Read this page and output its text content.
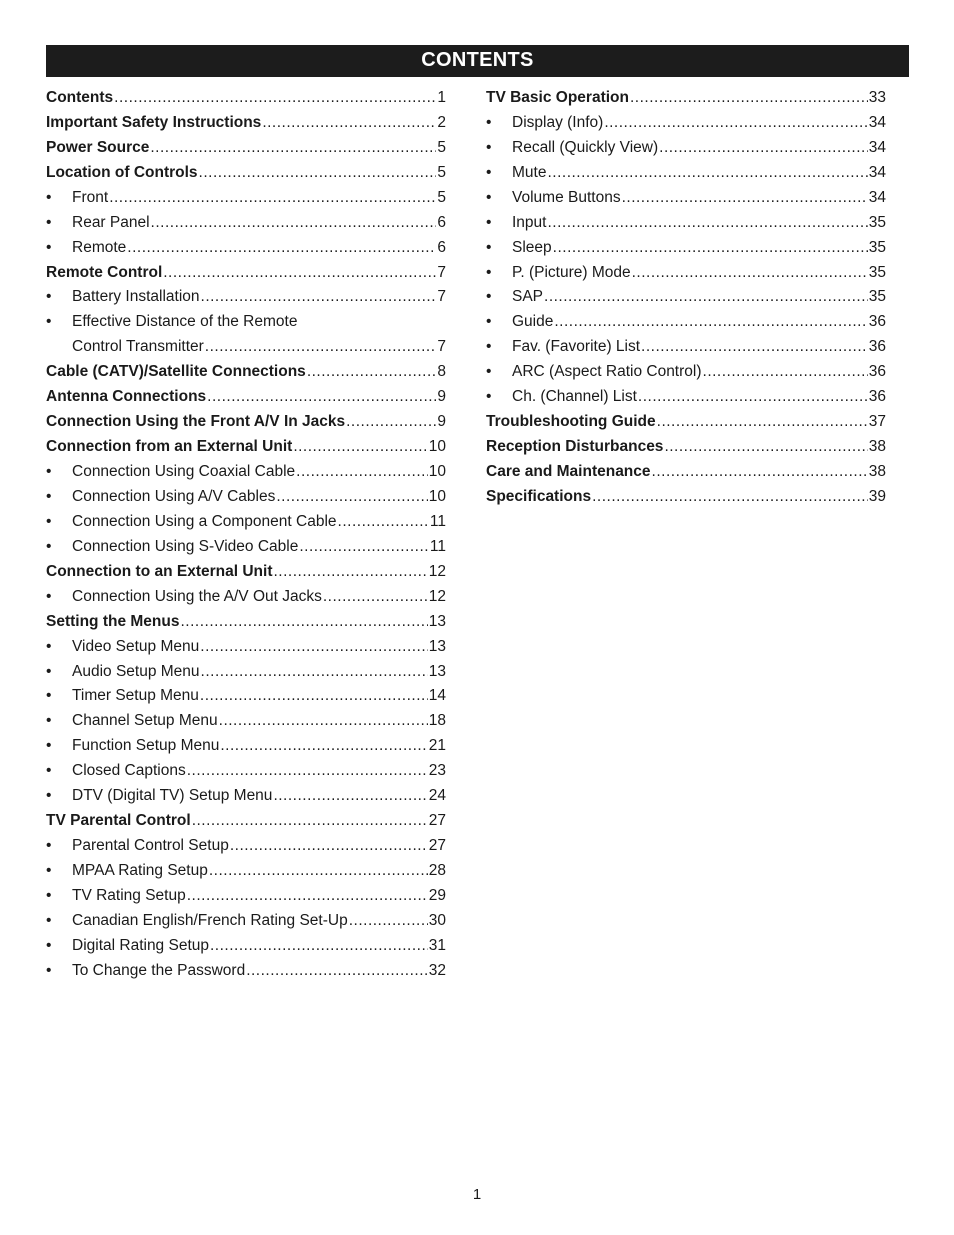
CONTENTS
Contents .....	1
Important Safety Instructions .....	2
Power Source .....	5
Location of Controls .....	5
•	Front .....	5
•	Rear Panel .....	6
•	Remote .....	6
Remote Control .....	7
•	Battery Installation .....	7
•	Effective Distance of the Remote
Control Transmitter .....	7
Cable (CATV)/Satellite Connections .....	8
Antenna Connections .....	9
Connection Using the Front A/V In Jacks .....	9
Connection from an External Unit .....	10
•	Connection Using Coaxial Cable .....	10
•	Connection Using A/V Cables .....	10
•	Connection Using a Component Cable .....	11
•	Connection Using S-Video Cable .....	11
Connection to an External Unit .....	12
•	Connection Using the A/V Out Jacks .....	12
Setting the Menus .....	13
•	Video Setup Menu .....	13
•	Audio Setup Menu .....	13
•	Timer Setup Menu .....	14
•	Channel Setup Menu .....	18
•	Function Setup Menu .....	21
•	Closed Captions .....	23
•	DTV (Digital TV) Setup Menu .....	24
TV Parental Control .....	27
•	Parental Control Setup .....	27
•	MPAA Rating Setup .....	28
•	TV Rating Setup .....	29
•	Canadian English/French Rating Set-Up .....	30
•	Digital Rating Setup .....	31
•	To Change the Password .....	32
TV Basic Operation .....	33
•	Display (Info) .....	34
•	Recall (Quickly View) .....	34
•	Mute .....	34
•	Volume Buttons .....	34
•	Input .....	35
•	Sleep .....	35
•	P. (Picture) Mode .....	35
•	SAP .....	35
•	Guide .....	36
•	Fav. (Favorite) List .....	36
•	ARC (Aspect Ratio Control) .....	36
•	Ch. (Channel) List .....	36
Troubleshooting Guide .....	37
Reception Disturbances .....	38
Care and Maintenance .....	38
Specifications .....	39
1
